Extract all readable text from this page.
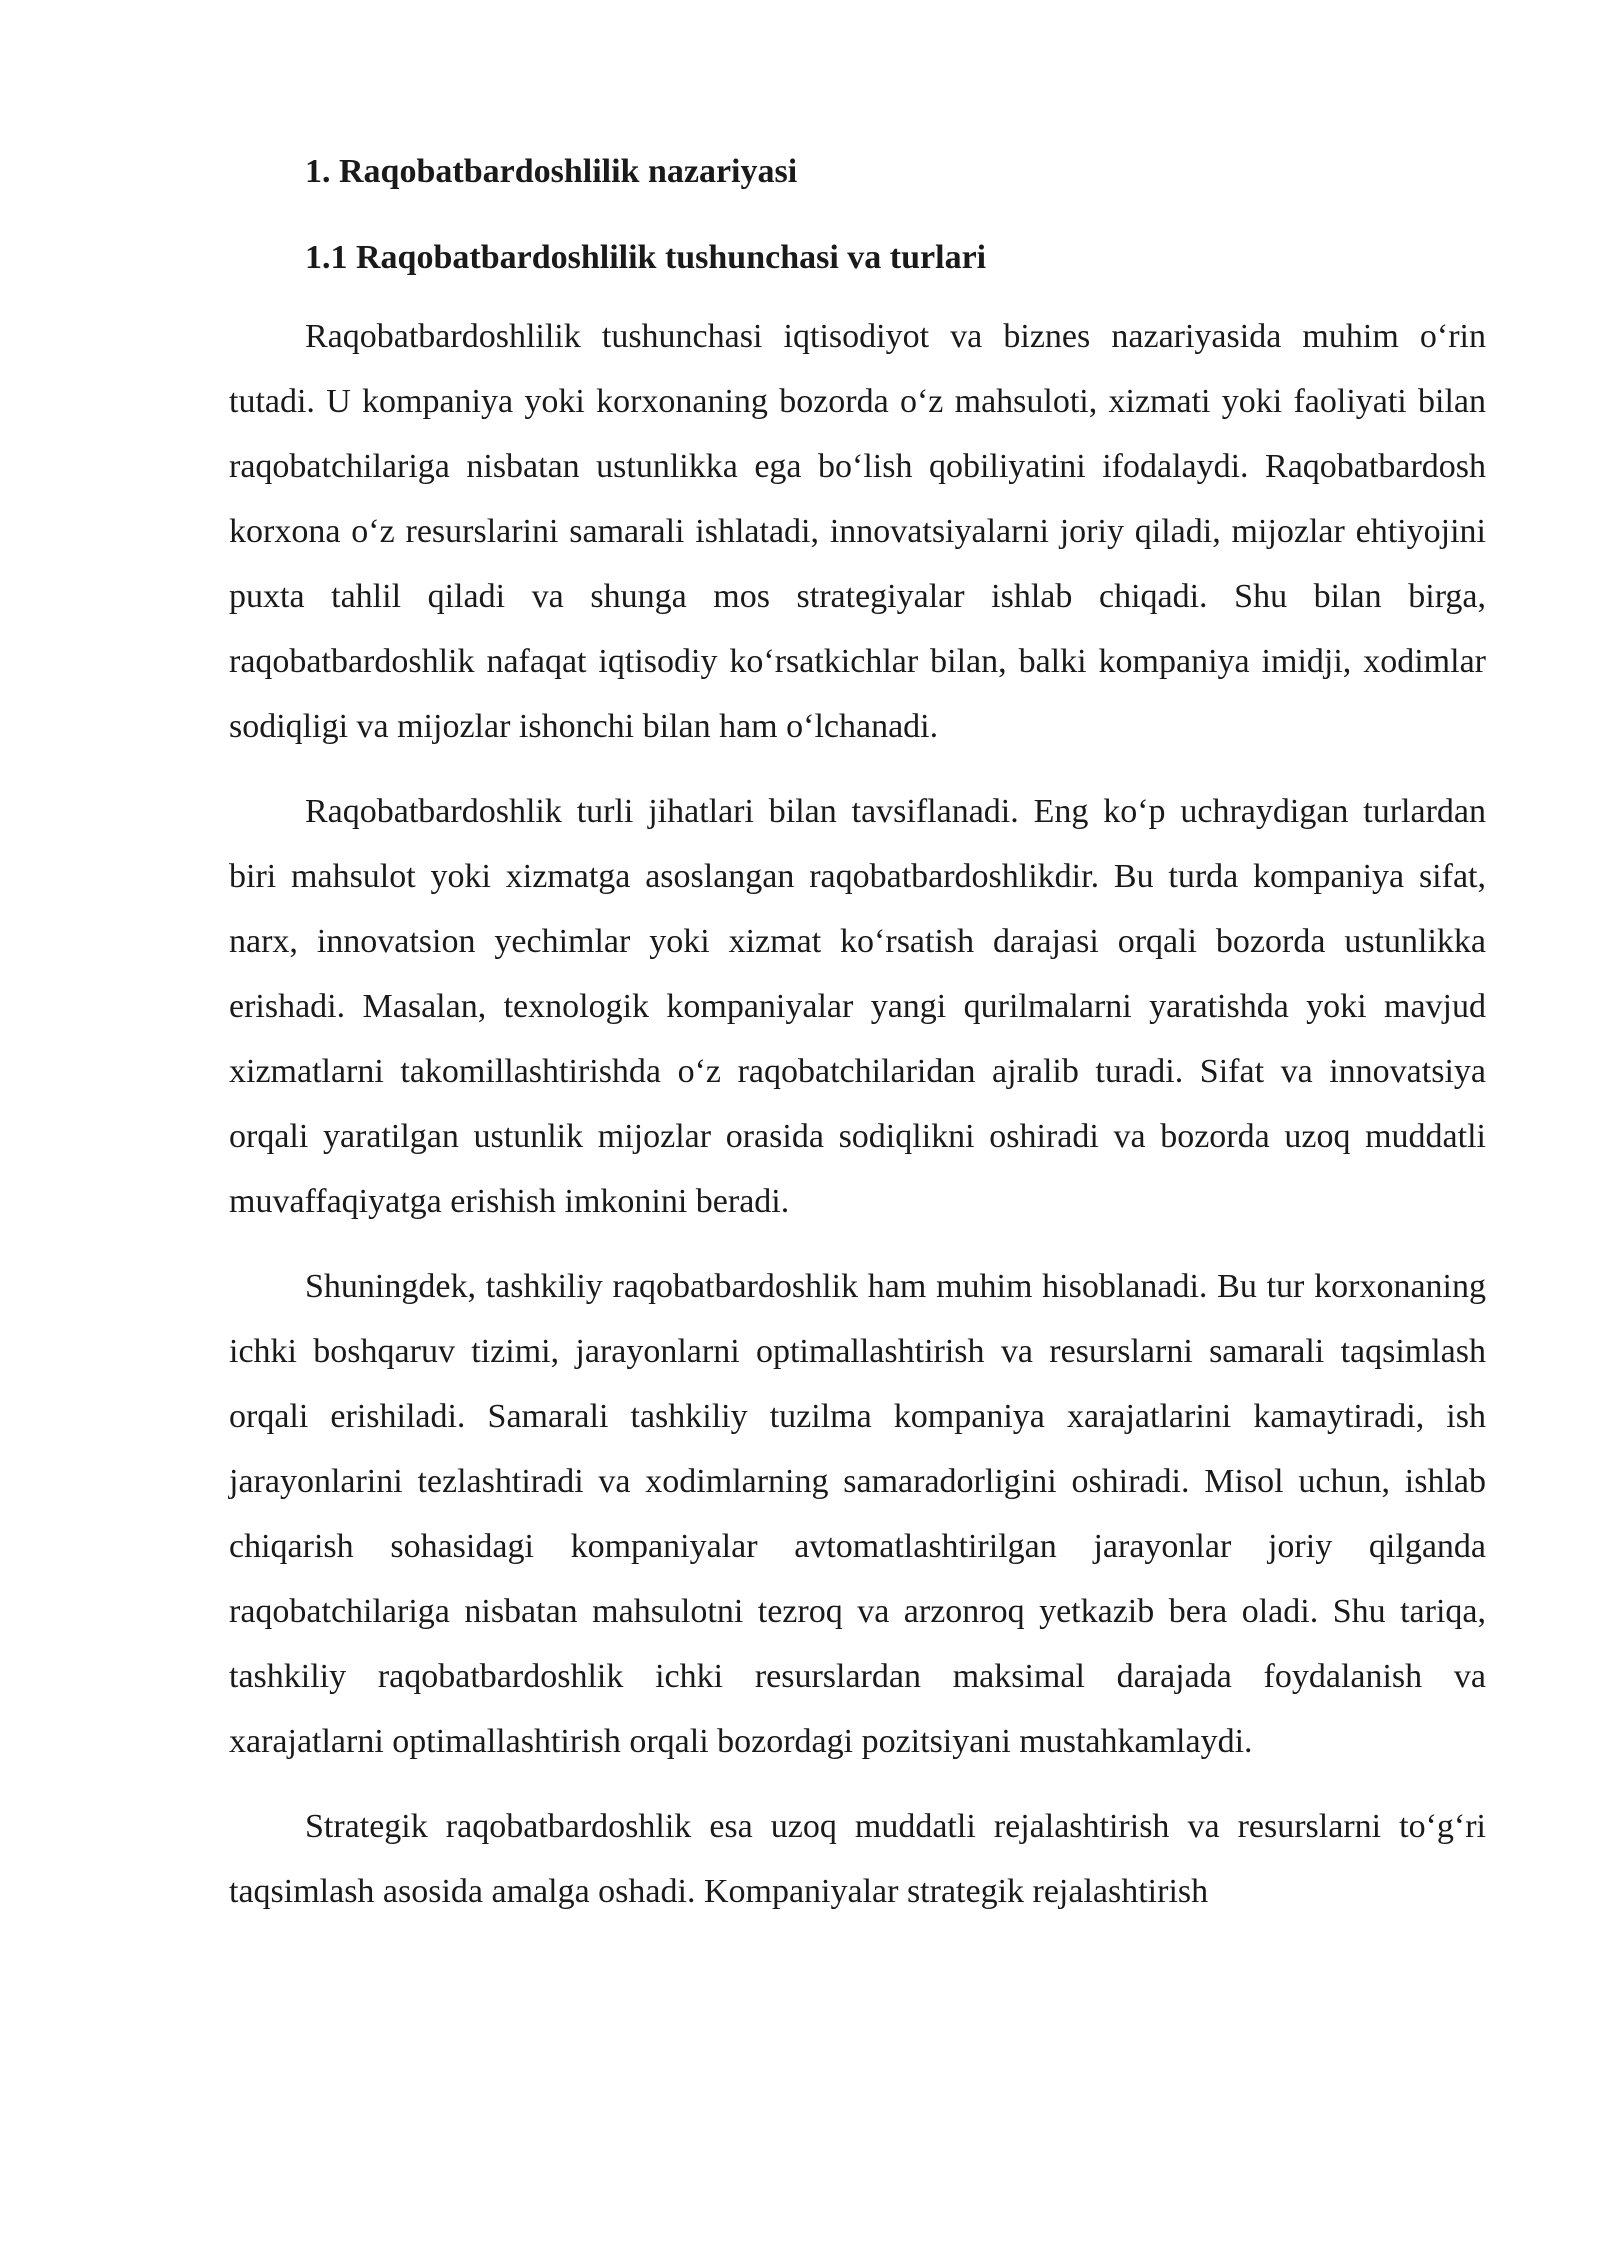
1. Raqobatbardoshlilik nazariyasi
1.1 Raqobatbardoshlilik tushunchasi va turlari

Raqobatbardoshlilik tushunchasi iqtisodiyot va biznes nazariyasida muhim o‘rin tutadi. U kompaniya yoki korxonaning bozorda o‘z mahsuloti, xizmati yoki faoliyati bilan raqobatchilariga nisbatan ustunlikka ega bo‘lish qobiliyatini ifodalaydi. Raqobatbardosh korxona o‘z resurslarini samarali ishlatadi, innovatsiyalarni joriy qiladi, mijozlar ehtiyojini puxta tahlil qiladi va shunga mos strategiyalar ishlab chiqadi. Shu bilan birga, raqobatbardoshlik nafaqat iqtisodiy ko‘rsatkichlar bilan, balki kompaniya imidji, xodimlar sodiqligi va mijozlar ishonchi bilan ham o‘lchanadi.

Raqobatbardoshlik turli jihatlari bilan tavsiflanadi. Eng ko‘p uchraydigan turlardan biri mahsulot yoki xizmatga asoslangan raqobatbardoshlikdir. Bu turda kompaniya sifat, narx, innovatsion yechimlar yoki xizmat ko‘rsatish darajasi orqali bozorda ustunlikka erishadi. Masalan, texnologik kompaniyalar yangi qurilmalarni yaratishda yoki mavjud xizmatlarni takomillashtirishda o‘z raqobatchilaridan ajralib turadi. Sifat va innovatsiya orqali yaratilgan ustunlik mijozlar orasida sodiqlikni oshiradi va bozorda uzoq muddatli muvaffaqiyatga erishish imkonini beradi.

Shuningdek, tashkiliy raqobatbardoshlik ham muhim hisoblanadi. Bu tur korxonaning ichki boshqaruv tizimi, jarayonlarni optimallashtirish va resurslarni samarali taqsimlash orqali erishiladi. Samarali tashkiliy tuzilma kompaniya xarajatlarini kamaytiradi, ish jarayonlarini tezlashtiradi va xodimlarning samaradorligini oshiradi. Misol uchun, ishlab chiqarish sohasidagi kompaniyalar avtomatlashtirilgan jarayonlar joriy qilganda raqobatchilariga nisbatan mahsulotni tezroq va arzonroq yetkazib bera oladi. Shu tariqa, tashkiliy raqobatbardoshlik ichki resurslardan maksimal darajada foydalanish va xarajatlarni optimallashtirish orqali bozordagi pozitsiyani mustahkamlaydi.

Strategik raqobatbardoshlik esa uzoq muddatli rejalashtirish va resurslarni to‘g‘ri taqsimlash asosida amalga oshadi. Kompaniyalar strategik rejalashtirish
